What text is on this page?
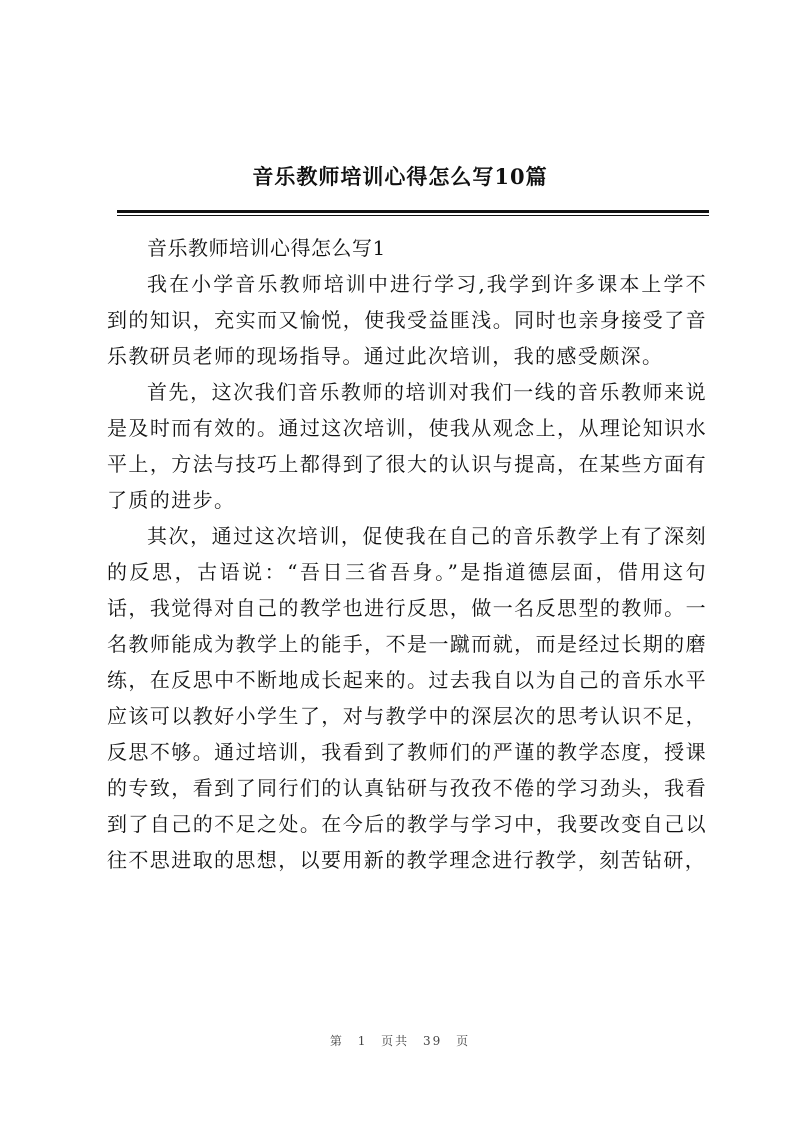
音乐教师培训心得怎么写10篇

音乐教师培训心得怎么写1

我在小学音乐教师培训中进行学习,我学到许多课本上学不到的知识，充实而又愉悦，使我受益匪浅。同时也亲身接受了音乐教研员老师的现场指导。通过此次培训，我的感受颇深。

首先，这次我们音乐教师的培训对我们一线的音乐教师来说是及时而有效的。通过这次培训，使我从观念上，从理论知识水平上，方法与技巧上都得到了很大的认识与提高，在某些方面有了质的进步。

其次，通过这次培训，促使我在自己的音乐教学上有了深刻的反思，古语说：“吾日三省吾身。”是指道德层面，借用这句话，我觉得对自己的教学也进行反思，做一名反思型的教师。一名教师能成为教学上的能手，不是一蹴而就，而是经过长期的磨练，在反思中不断地成长起来的。过去我自以为自己的音乐水平应该可以教好小学生了，对与教学中的深层次的思考认识不足，反思不够。通过培训，我看到了教师们的严谨的教学态度，授课的专致，看到了同行们的认真钻研与孜孜不倦的学习劲头，我看到了自己的不足之处。在今后的教学与学习中，我要改变自己以往不思进取的思想，以要用新的教学理念进行教学，刻苦钻研，

第 1 页共 39 页
